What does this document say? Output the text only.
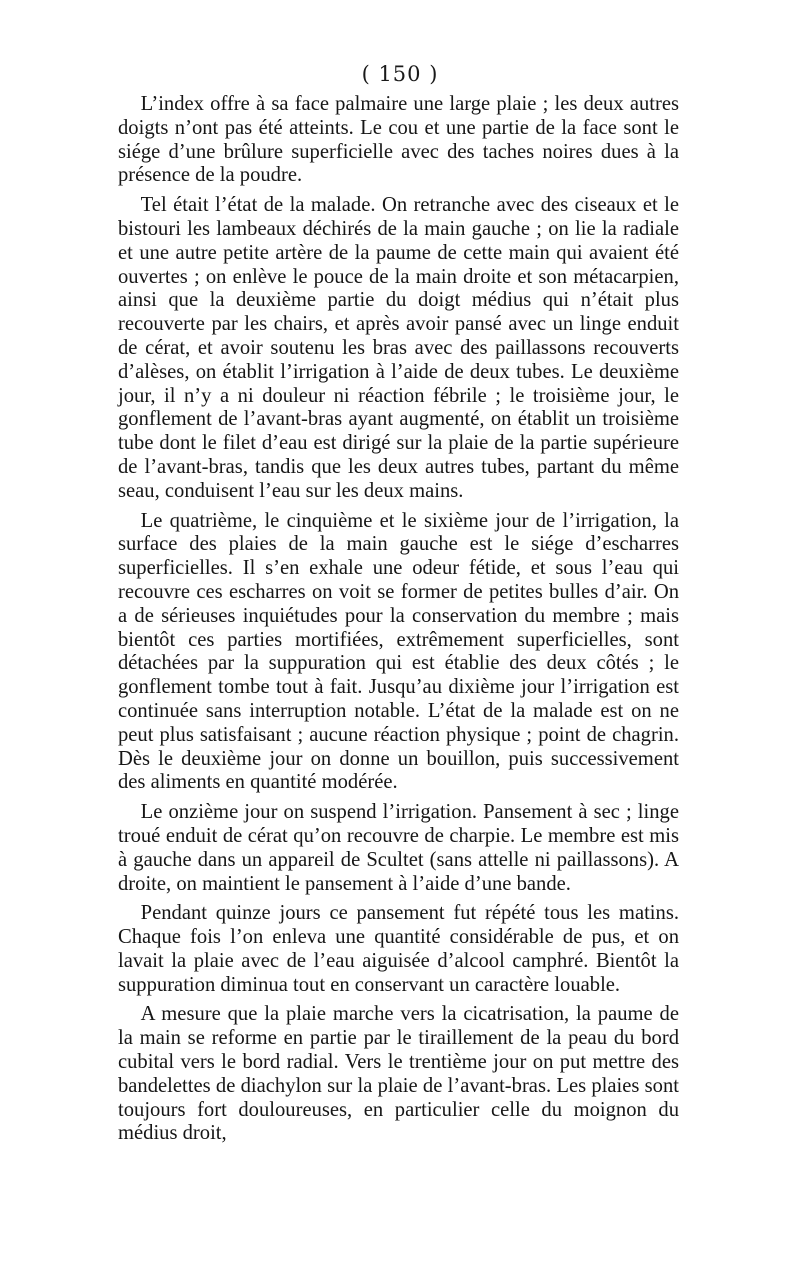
( 150 )

L’index offre à sa face palmaire une large plaie ; les deux autres doigts n’ont pas été atteints. Le cou et une partie de la face sont le siége d’une brûlure superficielle avec des taches noires dues à la présence de la poudre.

Tel était l’état de la malade. On retranche avec des ciseaux et le bistouri les lambeaux déchirés de la main gauche ; on lie la radiale et une autre petite artère de la paume de cette main qui avaient été ouvertes ; on enlève le pouce de la main droite et son métacarpien, ainsi que la deuxième partie du doigt médius qui n’était plus recouverte par les chairs, et après avoir pansé avec un linge enduit de cérat, et avoir soutenu les bras avec des paillassons recouverts d’alèses, on établit l’irrigation à l’aide de deux tubes. Le deuxième jour, il n’y a ni douleur ni réaction fébrile ; le troisième jour, le gonflement de l’avant-bras ayant augmenté, on établit un troisième tube dont le filet d’eau est dirigé sur la plaie de la partie supérieure de l’avant-bras, tandis que les deux autres tubes, partant du même seau, conduisent l’eau sur les deux mains.

Le quatrième, le cinquième et le sixième jour de l’irrigation, la surface des plaies de la main gauche est le siége d’escharres superficielles. Il s’en exhale une odeur fétide, et sous l’eau qui recouvre ces escharres on voit se former de petites bulles d’air. On a de sérieuses inquiétudes pour la conservation du membre ; mais bientôt ces parties mortifiées, extrêmement superficielles, sont détachées par la suppuration qui est établie des deux côtés ; le gonflement tombe tout à fait. Jusqu’au dixième jour l’irrigation est continuée sans interruption notable. L’état de la malade est on ne peut plus satisfaisant ; aucune réaction physique ; point de chagrin. Dès le deuxième jour on donne un bouillon, puis successivement des aliments en quantité modérée.

Le onzième jour on suspend l’irrigation. Pansement à sec ; linge troué enduit de cérat qu’on recouvre de charpie. Le membre est mis à gauche dans un appareil de Scultet (sans attelle ni paillassons). A droite, on maintient le pansement à l’aide d’une bande.

Pendant quinze jours ce pansement fut répété tous les matins. Chaque fois l’on enleva une quantité considérable de pus, et on lavait la plaie avec de l’eau aiguisée d’alcool camphré. Bientôt la suppuration diminua tout en conservant un caractère louable.

A mesure que la plaie marche vers la cicatrisation, la paume de la main se reforme en partie par le tiraillement de la peau du bord cubital vers le bord radial. Vers le trentième jour on put mettre des bandelettes de diachylon sur la plaie de l’avant-bras. Les plaies sont toujours fort douloureuses, en particulier celle du moignon du médius droit,
